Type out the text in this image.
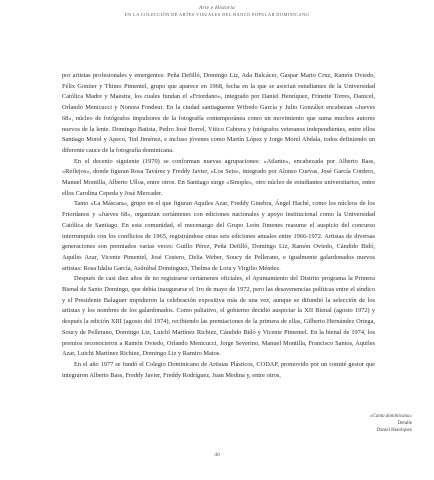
Arte e Historia
EN LA COLECCIÓN DE ARTES VISUALES DEL BANCO POPULAR DOMINICANO

por artistas profesionales y emergentes: Peña Defilló, Domingo Liz, Ada Balcácer, Gaspar Mario Cruz, Ramón Oviedo, Félix Gontier y Thimo Pimentel, grupo que aparece en 1968, fecha en la que se asocian estudiantes de la Universidad Católica Madre y Maestra, los cuales fundan el «Friordano», integrado por Daniel Henríquez, Frinette Torres, Danicel, Orlando Menicucci y Nonora Fondeur. En la ciudad santiaguense Wifredo García y Julio González encabezan «Jueves 68», núcleo de fotógrafos impulsores de la fotografía contemporánea como un movimiento que suma muchos autores nuevos de la lente. Domingo Batista, Pedro José Borrel, Vítico Cabrera y fotógrafos veteranos independientes, entre ellos Santiago Morel y Apeco, Ted Jiménez, e incluso jóvenes como Martín López y Jorge Morel Abdala, todos definiendo un diferente cauce de la fotografía dominicana.

En el decenio siguiente (1970) se conforman nuevas agrupaciones: «Atlante», encabezada por Alberto Bass, «Reflejos», donde figuran Rosa Tavárez y Freddy Javier, «Los Seis», integrado por Alonso Cuevas, José García Cordero, Manuel Montilla, Alberto Ulloa, entre otros. En Santiago surge «Sinople», otro núcleo de estudiantes universitarios, entre ellos Carolina Cepeda y José Mercader.

Tanto «La Máscara», grupo en el que figuran Aquiles Azar, Freddy Ginebra, Ángel Haché, como los núcleos de los Friordanos y «Jueves 68», organizan certámenes con ediciones nacionales y apoyo institucional como la Universidad Católica de Santiago. En esta comunidad, el mecenazgo del Grupo León Jimenes reasume el auspicio del concurso interrumpido con los conflictos de 1965, registrándose otras seis ediciones anuales entre 1966-1972. Artistas de diversas generaciones son premiados varias veces: Guillo Pérez, Peña Defilló, Domingo Liz, Ramón Oviedo, Cándido Bidó, Aquiles Azar, Vicente Pimentel, José Cestero, Delia Weber, Soucy de Pellerano, e igualmente galardonados nuevos artistas: Rosa Idalia García, Asdrúbal Domínguez, Thelma de Lora y Virgilio Méndez.

Después de casi diez años de no registrarse certámenes oficiales, el Ayuntamiento del Distrito programa la Primera Bienal de Santo Domingo, que debía inaugurarse el 1ro de mayo de 1972, pero las desavenencias políticas entre el síndico y el Presidente Balaguer impidieron la celebración expositiva más de una vez, aunque se difundió la selección de los artistas y los nombres de los galardonados. Como paliativo, el gobierno decidió auspiciar la XII Bienal (agosto 1972) y después la edición XIII (agosto del 1974), recibiendo las premiaciones de la primera de ellas, Gilberto Hernández Ortega, Soucy de Pellerano, Domingo Liz, Luichi Martínez Richiez, Cándido Bidó y Vicente Pimentel. En la bienal de 1974, los premios reconocieron a Ramón Oviedo, Orlando Menicucci, Jorge Severino, Manuel Montilla, Francisco Santos, Aquiles Azar, Luichi Martínez Richiez, Domingo Liz y Ramiro Matos.

En el año 1977 se fundó el Colegio Dominicano de Artistas Plásticos, CODAP, promovido por un comité gestor que integraron Alberto Bass, Freddy Javier, Freddy Rodríguez, Juan Medina y, entre otros,

«Canta dominicana»
Detalle
Daniel Henríquez
40
